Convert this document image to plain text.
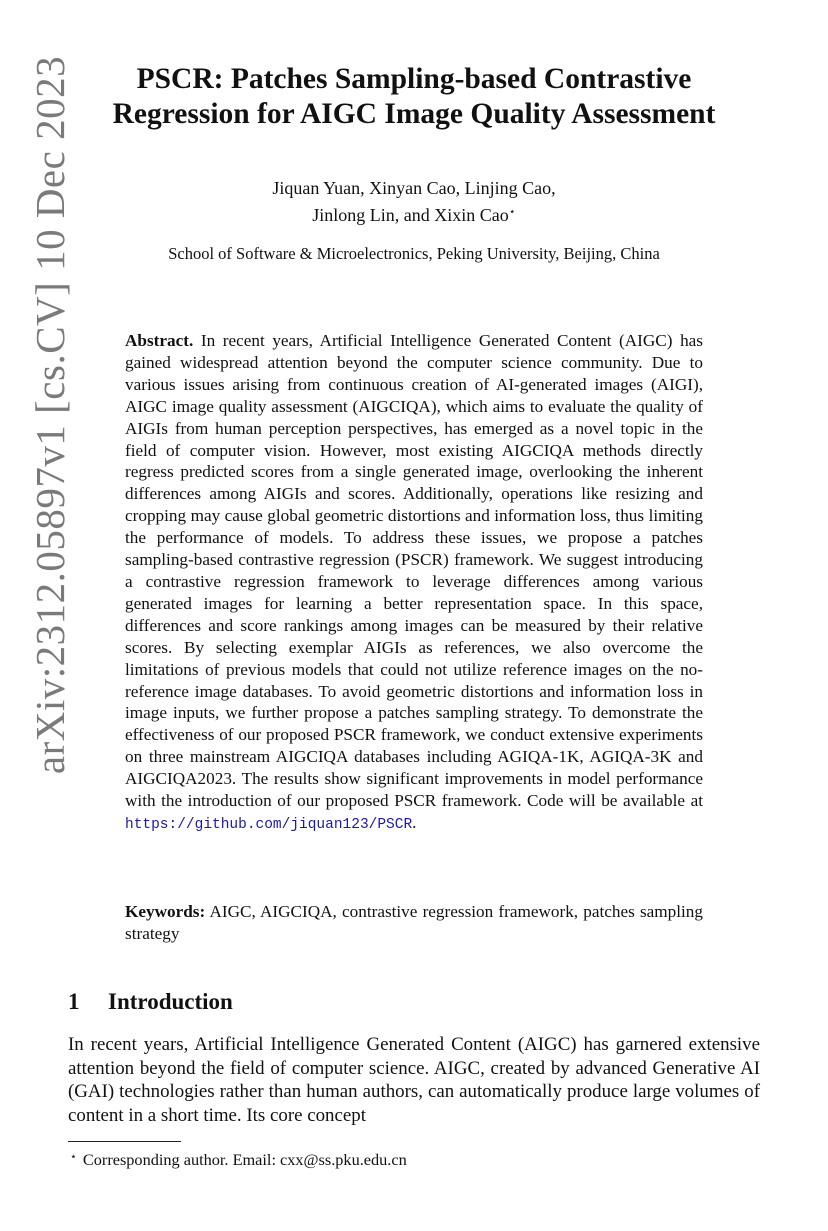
arXiv:2312.05897v1 [cs.CV] 10 Dec 2023	PSCR: Patches Sampling-based Contrastive
Regression for AIGC Image Quality Assessment
Jiquan Yuan, Xinyan Cao, Linjing Cao,
Jinlong Lin, and Xixin Cao⋆
School of Software & Microelectronics, Peking University, Beijing, China
Abstract. In recent years, Artificial Intelligence Generated Content (AIGC) has gained widespread attention beyond the computer science community. Due to various issues arising from continuous creation of AI-generated images (AIGI), AIGC image quality assessment (AIGCIQA), which aims to evaluate the quality of AIGIs from human perception perspectives, has emerged as a novel topic in the field of computer vision. However, most existing AIGCIQA methods directly regress predicted scores from a single generated image, overlooking the inherent differences among AIGIs and scores. Additionally, operations like resizing and cropping may cause global geometric distortions and information loss, thus limiting the performance of models. To address these issues, we propose a patches sampling-based contrastive regression (PSCR) framework. We suggest introducing a contrastive regression framework to leverage differences among various generated images for learning a better representation space. In this space, differences and score rankings among images can be measured by their relative scores. By selecting exemplar AIGIs as references, we also overcome the limitations of previous models that could not utilize reference images on the no-reference image databases. To avoid geometric distortions and information loss in image inputs, we further propose a patches sampling strategy. To demonstrate the effectiveness of our proposed PSCR framework, we conduct extensive experiments on three mainstream AIGCIQA databases including AGIQA-1K, AGIQA-3K and AIGCIQA2023. The results show significant improvements in model performance with the introduction of our proposed PSCR framework. Code will be available at https://github.com/jiquan123/PSCR.
Keywords: AIGC, AIGCIQA, contrastive regression framework, patches sampling strategy
1 Introduction

In recent years, Artificial Intelligence Generated Content (AIGC) has garnered extensive attention beyond the field of computer science. AIGC, created by advanced Generative AI (GAI) technologies rather than human authors, can automatically produce large volumes of content in a short time. Its core concept

⋆ Corresponding author. Email: cxx@ss.pku.edu.cn
